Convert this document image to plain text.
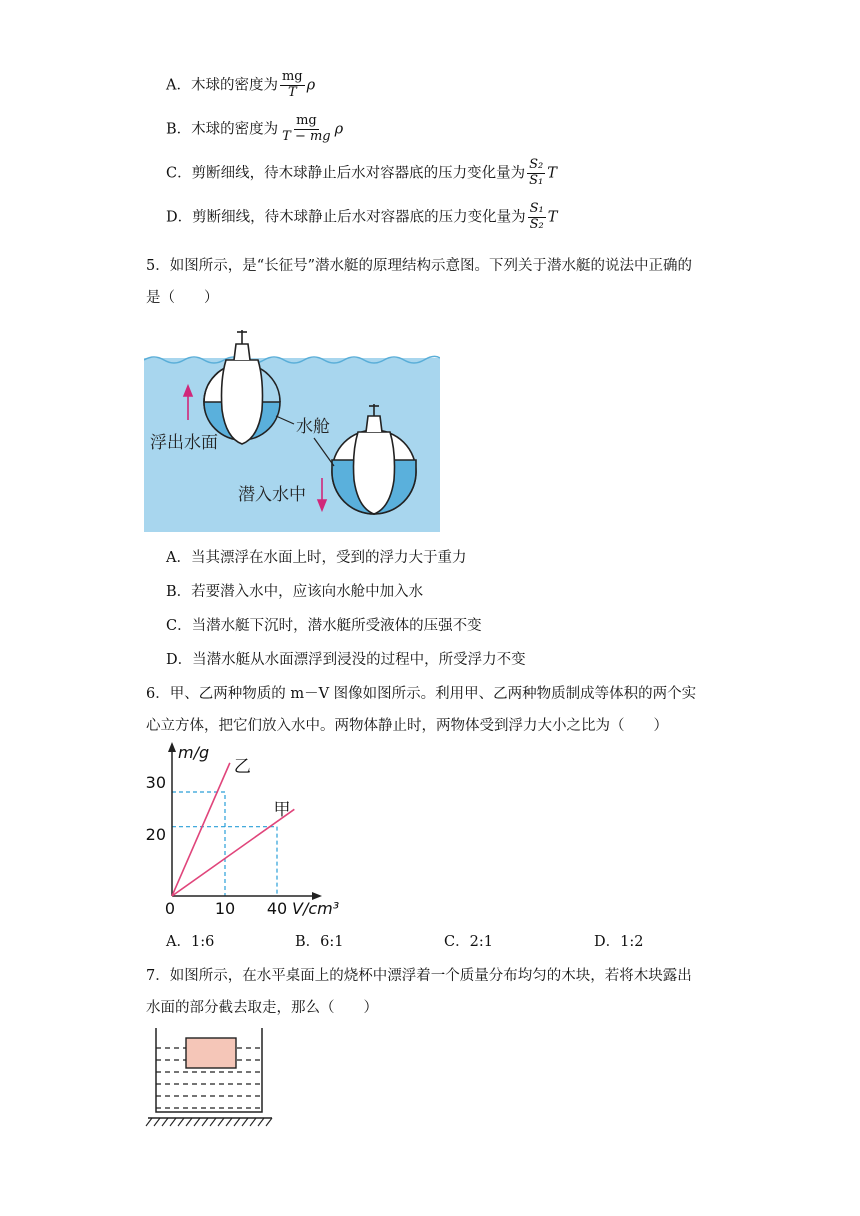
A．木球的密度为 $\frac{mg}{T}$ ρ
B．木球的密度为 $\frac{mg}{T - mg}$ ρ
C．剪断细线，待木球静止后水对容器底的压力变化量为 $\frac{\text{S₂}}{\text{S₁}}$ T
D．剪断细线，待木球静止后水对容器底的压力变化量为 $\frac{\text{S₁}}{\text{S₂}}$ T
5．如图所示，是“长征号”潜水艇的原理结构示意图。下列关于潜水艇的说法中正确的
是（　　）
浮出水面
水舱
潜入水中
A．当其漂浮在水面上时，受到的浮力大于重力
B．若要潜入水中，应该向水舱中加入水
C．当潜水艇下沉时，潜水艇所受液体的压强不变
D．当潜水艇从水面漂浮到浸没的过程中，所受浮力不变
6．甲、乙两种物质的 m－V 图像如图所示。利用甲、乙两种物质制成等体积的两个实
心立方体，把它们放入水中。两物体静止时，两物体受到浮力大小之比为（　　）
30
20
0 10 40
m/g
V/cm³
乙
甲
A．1:6	B．6:1	C．2:1	D．1:2
7．如图所示，在水平桌面上的烧杯中漂浮着一个质量分布均匀的木块，若将木块露出
水面的部分截去取走，那么（　　）
